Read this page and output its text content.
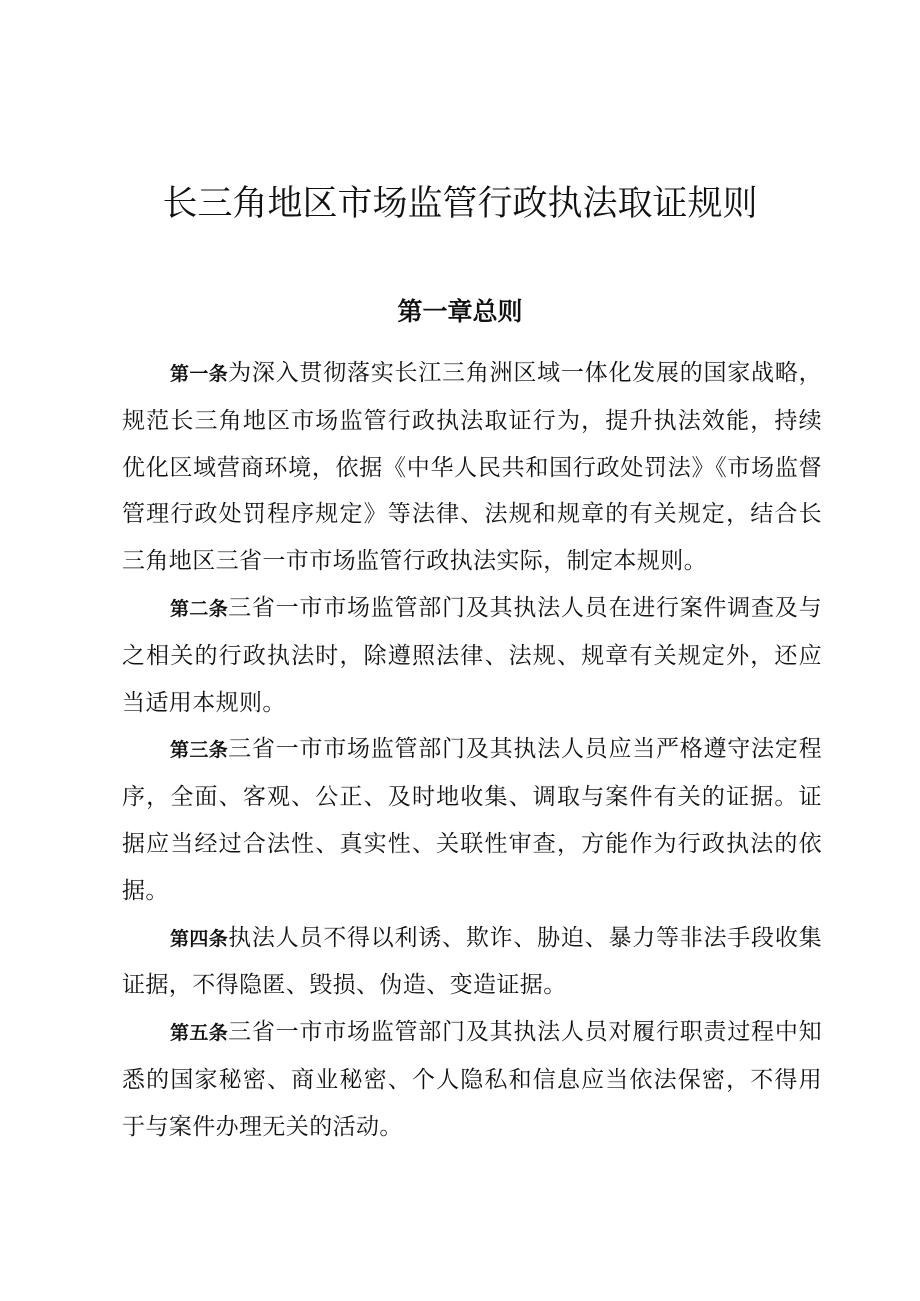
长三角地区市场监管行政执法取证规则
第一章总则

第一条为深入贯彻落实长江三角洲区域一体化发展的国家战略，规范长三角地区市场监管行政执法取证行为，提升执法效能，持续优化区域营商环境，依据《中华人民共和国行政处罚法》《市场监督管理行政处罚程序规定》等法律、法规和规章的有关规定，结合长三角地区三省一市市场监管行政执法实际，制定本规则。

第二条三省一市市场监管部门及其执法人员在进行案件调查及与之相关的行政执法时，除遵照法律、法规、规章有关规定外，还应当适用本规则。

第三条三省一市市场监管部门及其执法人员应当严格遵守法定程序，全面、客观、公正、及时地收集、调取与案件有关的证据。证据应当经过合法性、真实性、关联性审查，方能作为行政执法的依据。

第四条执法人员不得以利诱、欺诈、胁迫、暴力等非法手段收集证据，不得隐匿、毁损、伪造、变造证据。

第五条三省一市市场监管部门及其执法人员对履行职责过程中知悉的国家秘密、商业秘密、个人隐私和信息应当依法保密，不得用于与案件办理无关的活动。
